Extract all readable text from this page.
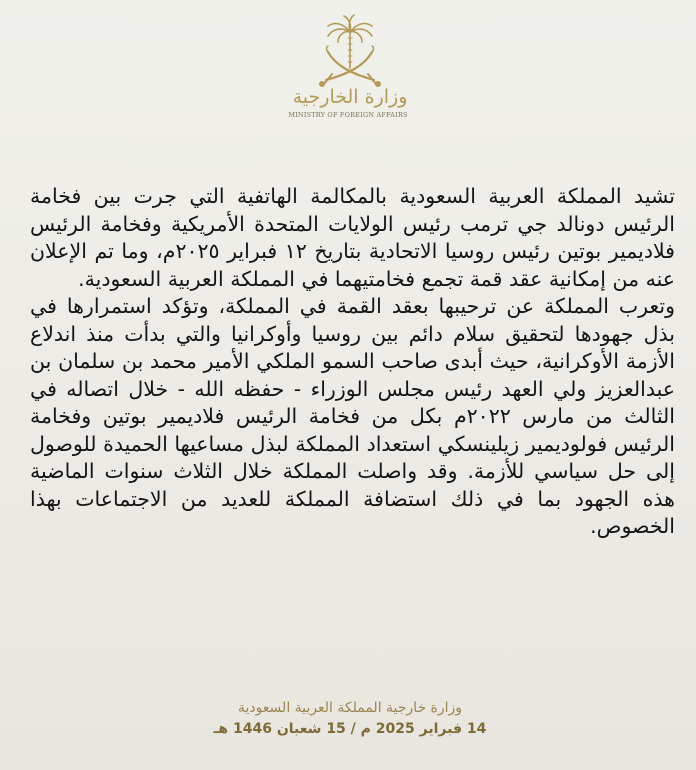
وزارة الخارجية
MINISTRY OF FOREIGN AFFAIRS

تشيد المملكة العربية السعودية بالمكالمة الهاتفية التي جرت بين فخامة الرئيس دونالد جي ترمب رئيس الولايات المتحدة الأمريكية وفخامة الرئيس فلاديمير بوتين رئيس روسيا الاتحادية بتاريخ ١٢ فبراير ٢٠٢٥م، وما تم الإعلان عنه من إمكانية عقد قمة تجمع فخامتيهما في المملكة العربية السعودية.

وتعرب المملكة عن ترحيبها بعقد القمة في المملكة، وتؤكد استمرارها في بذل جهودها لتحقيق سلام دائم بين روسيا وأوكرانيا والتي بدأت منذ اندلاع الأزمة الأوكرانية، حيث أبدى صاحب السمو الملكي الأمير محمد بن سلمان بن عبدالعزيز ولي العهد رئيس مجلس الوزراء - حفظه الله - خلال اتصاله في الثالث من مارس ٢٠٢٢م بكل من فخامة الرئيس فلاديمير بوتين وفخامة الرئيس فولوديمير زيلينسكي استعداد المملكة لبذل مساعيها الحميدة للوصول إلى حل سياسي للأزمة. وقد واصلت المملكة خلال الثلاث سنوات الماضية هذه الجهود بما في ذلك استضافة المملكة للعديد من الاجتماعات بهذا الخصوص.

وزارة خارجية المملكة العربية السعودية
14 فبراير 2025 م / 15 شعبان 1446 هـ
